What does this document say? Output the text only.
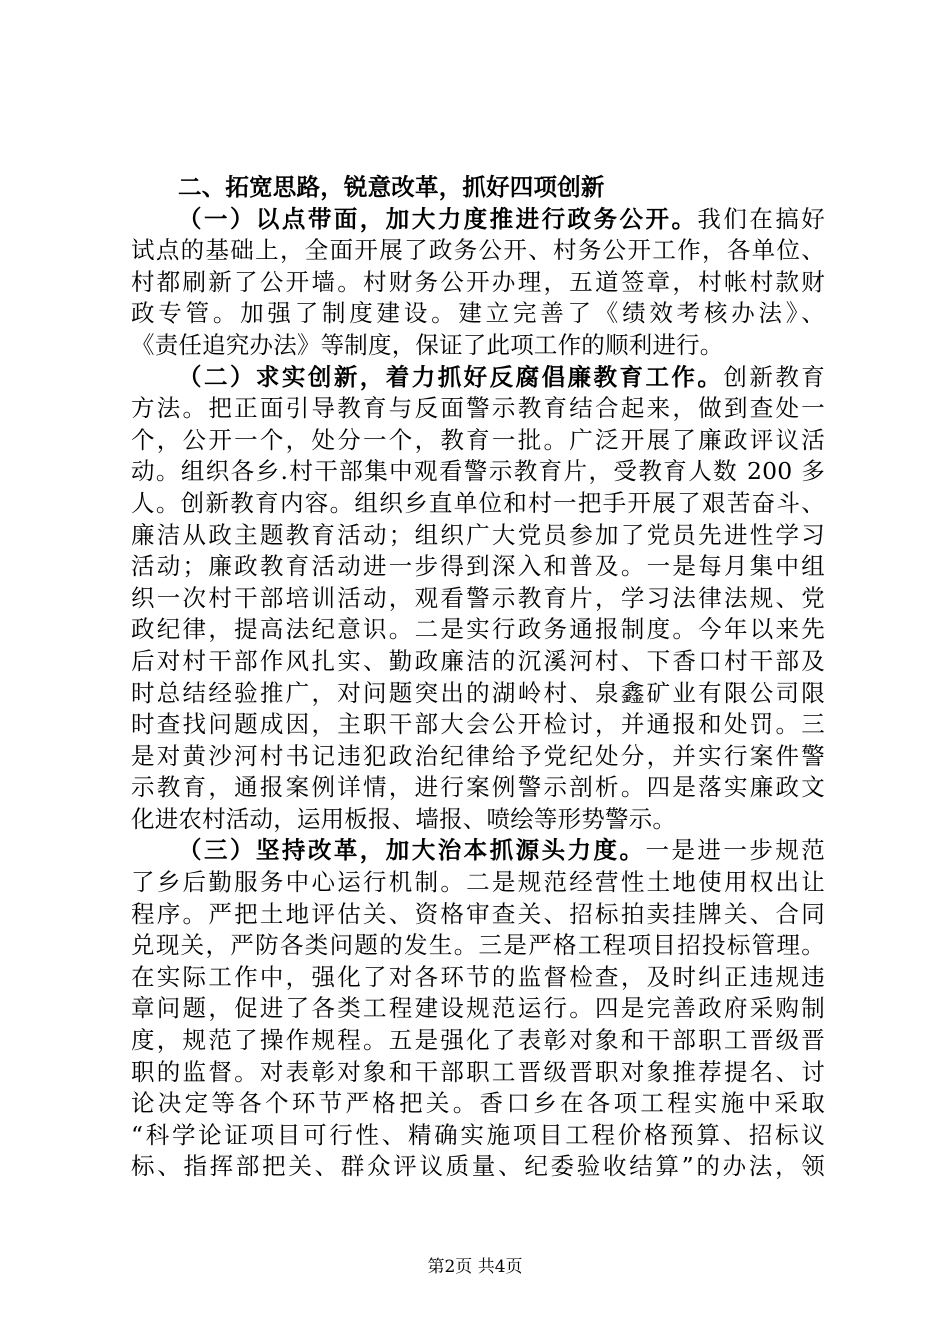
二、拓宽思路，锐意改革，抓好四项创新
（一）以点带面，加大力度推进行政务公开。我们在搞好
试点的基础上，全面开展了政务公开、村务公开工作，各单位、
村都刷新了公开墙。村财务公开办理，五道签章，村帐村款财
政专管。加强了制度建设。建立完善了《绩效考核办法》、
《责任追究办法》等制度，保证了此项工作的顺利进行。
（二）求实创新，着力抓好反腐倡廉教育工作。创新教育
方法。把正面引导教育与反面警示教育结合起来，做到查处一
个，公开一个，处分一个，教育一批。广泛开展了廉政评议活
动。组织各乡.村干部集中观看警示教育片，受教育人数 200 多
人。创新教育内容。组织乡直单位和村一把手开展了艰苦奋斗、
廉洁从政主题教育活动；组织广大党员参加了党员先进性学习
活动；廉政教育活动进一步得到深入和普及。一是每月集中组
织一次村干部培训活动，观看警示教育片，学习法律法规、党
政纪律，提高法纪意识。二是实行政务通报制度。今年以来先
后对村干部作风扎实、勤政廉洁的沉溪河村、下香口村干部及
时总结经验推广，对问题突出的湖岭村、泉鑫矿业有限公司限
时查找问题成因，主职干部大会公开检讨，并通报和处罚。三
是对黄沙河村书记违犯政治纪律给予党纪处分，并实行案件警
示教育，通报案例详情，进行案例警示剖析。四是落实廉政文
化进农村活动，运用板报、墙报、喷绘等形势警示。
（三）坚持改革，加大治本抓源头力度。一是进一步规范
了乡后勤服务中心运行机制。二是规范经营性土地使用权出让
程序。严把土地评估关、资格审查关、招标拍卖挂牌关、合同
兑现关，严防各类问题的发生。三是严格工程项目招投标管理。
在实际工作中，强化了对各环节的监督检查，及时纠正违规违
章问题，促进了各类工程建设规范运行。四是完善政府采购制
度，规范了操作规程。五是强化了表彰对象和干部职工晋级晋
职的监督。对表彰对象和干部职工晋级晋职对象推荐提名、讨
论决定等各个环节严格把关。香口乡在各项工程实施中采取
“科学论证项目可行性、精确实施项目工程价格预算、招标议
标、指挥部把关、群众评议质量、纪委验收结算”的办法，领
第2页 共4页
